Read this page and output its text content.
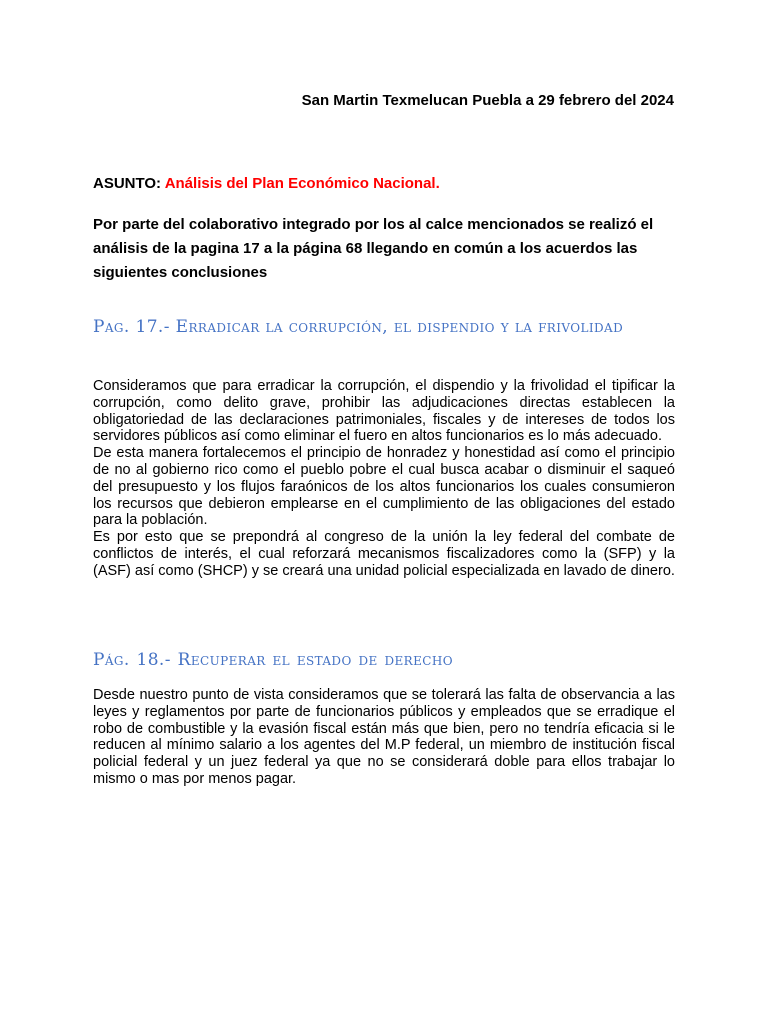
San Martin Texmelucan Puebla a 29 febrero del 2024
ASUNTO: Análisis del Plan Económico Nacional.
Por parte del colaborativo integrado por los al calce mencionados se realizó el análisis de la pagina 17 a la página 68 llegando en común a los acuerdos las siguientes conclusiones
Pag. 17.- Erradicar la corrupción, el dispendio y la frivolidad

Consideramos que para erradicar la corrupción, el dispendio y la frivolidad el tipificar la corrupción, como delito grave, prohibir las adjudicaciones directas establecen la obligatoriedad de las declaraciones patrimoniales, fiscales y de intereses de todos los servidores públicos así como eliminar el fuero en altos funcionarios es lo más adecuado.

De esta manera fortalecemos el principio de honradez y honestidad así como el principio de no al gobierno rico como el pueblo pobre el cual busca acabar o disminuir el saqueó del presupuesto y los flujos faraónicos de los altos funcionarios los cuales consumieron los recursos que debieron emplearse en el cumplimiento de las obligaciones del estado para la población.

Es por esto que se prepondrá al congreso de la unión la ley federal del combate de conflictos de interés, el cual reforzará mecanismos fiscalizadores como la (SFP) y la (ASF) así como (SHCP) y se creará una unidad policial especializada en lavado de dinero.

Pág. 18.- Recuperar el estado de derecho

Desde nuestro punto de vista consideramos que se tolerará las falta de observancia a las leyes y reglamentos por parte de funcionarios públicos y empleados que se erradique el robo de combustible y la evasión fiscal están más que bien, pero no tendría eficacia si le reducen al mínimo salario a los agentes del M.P federal, un miembro de institución fiscal policial federal y un juez federal ya que no se considerará doble para ellos trabajar lo mismo o mas por menos pagar.
